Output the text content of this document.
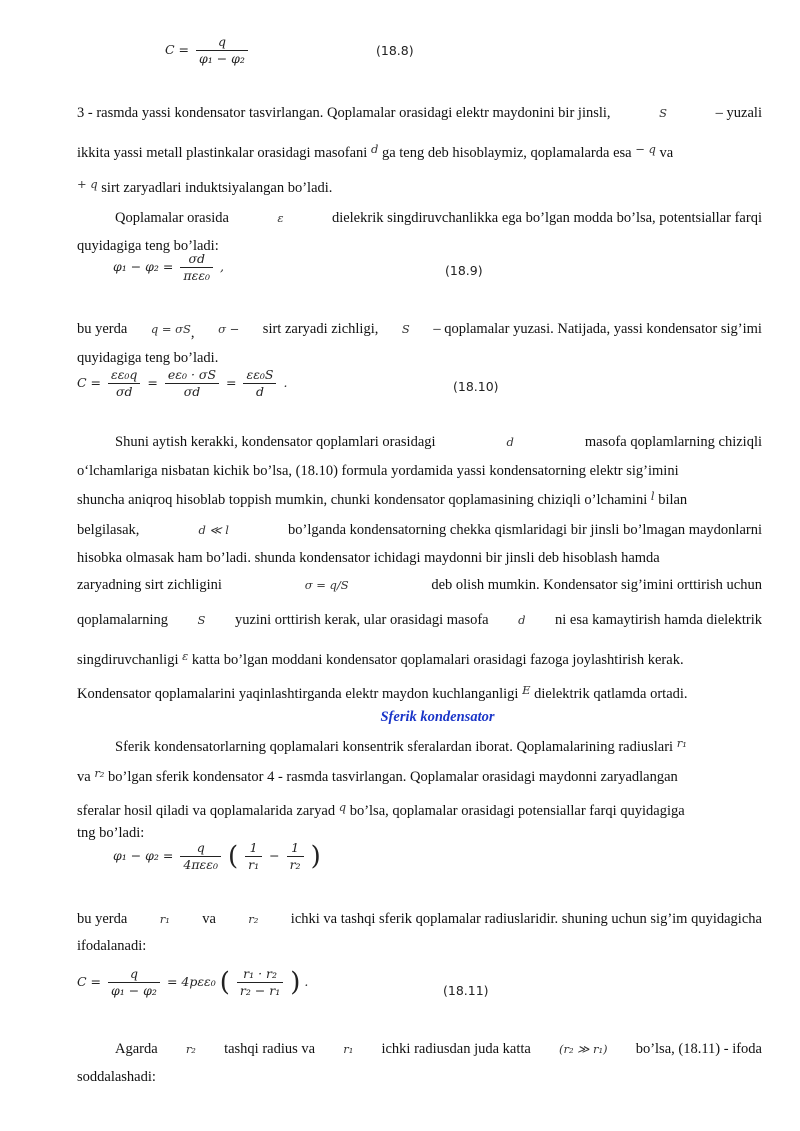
$C = \frac{q}{\text{φ₁ − φ₂}}$	(18.8)
3 - rasmda yassi kondensator tasvirlangan. Qoplamalar orasidagi elektr maydonini bir jinsli,	S	– yuzali
ikkita yassi metall plastinkalar orasidagi masofani $^d$ ga teng deb hisoblaymiz, qoplamalarda esa $^{- q}$ va
$^{+ q}$ sirt zaryadlari induktsiyalangan bo’ladi.
Qoplamalar orasida	ε	dielekrik singdiruvchanlikka ega bo’lgan modda bo’lsa, potentsiallar farqi
quyidagiga teng bo’ladi:
$\varphi_1 - \varphi_2 = \frac{\sigma d}{\text{πεε₀}}$ ,	(18.9)
bu yerda $^{q = \sigma S}$, σ − sirt zaryadi zichligi, S – qoplamalar yuzasi. Natijada, yassi kondensator sig’imi
quyidagiga teng bo’ladi.
$C = \frac{\text{εε₀q}}{\sigma d} = \frac{\text{eε₀ · σS}}{\sigma d} = \frac{\text{εε₀S}}{d}$ .	(18.10)
Shuni aytish kerakki, kondensator qoplamlari orasidagi	d	masofa qoplamlarning chiziqli
o‘lchamlariga nisbatan kichik bo’lsa, (18.10) formula yordamida yassi kondensatorning elektr sig’imini
shuncha aniqroq hisoblab toppish mumkin, chunki kondensator qoplamasining chiziqli o’lchamini $^l$ bilan
belgilasak,	d ≪ l	bo’lganda kondensatorning chekka qismlaridagi bir jinsli bo’lmagan maydonlarni
hisobka olmasak ham bo’ladi. shunda kondensator ichidagi maydonni bir jinsli deb hisoblash hamda
zaryadning sirt zichligini	σ = q/S	deb olish mumkin. Kondensator sig’imini orttirish uchun
qoplamalarning	S yuzini orttirish kerak, ular orasidagi masofa	d ni esa kamaytirish hamda dielektrik
singdiruvchanligi $^\varepsilon$ katta bo’lgan moddani kondensator qoplamalari orasidagi fazoga joylashtirish kerak.
Kondensator qoplamalarini yaqinlashtirganda elektr maydon kuchlanganligi $^E$ dielektrik qatlamda ortadi.
Sferik kondensator
Sferik kondensatorlarning qoplamalari konsentrik sferalardan iborat. Qoplamalarining radiuslari $^{r_1}$
va $^{r_2}$ bo’lgan sferik kondensator 4 - rasmda tasvirlangan. Qoplamalar orasidagi maydonni zaryadlangan
sferalar hosil qiladi va qoplamalarida zaryad $^q$ bo’lsa, qoplamalar orasidagi potensiallar farqi quyidagiga
tng bo’ladi:
$\varphi_1 - \varphi_2 = \frac{q}{\text{4πεε₀}}$ ( $\frac{1}{\text{r₁}} - \frac{1}{\text{r₂}}$ )
bu yerda	r₁ va	r₂ ichki va tashqi sferik qoplamalar radiuslaridir. shuning uchun sig’im quyidagicha
ifodalanadi:
$C = \frac{q}{\text{φ₁ − φ₂}} = 4p\varepsilon\varepsilon_0$ ( $\frac{\text{r₁ · r₂}}{\text{r₂ − r₁}}$ ) .
(18.11)
Agarda r₂ tashqi radius va r₁ ichki radiusdan juda katta (r₂ ≫ r₁) bo’lsa, (18.11) - ifoda
soddalashadi:
